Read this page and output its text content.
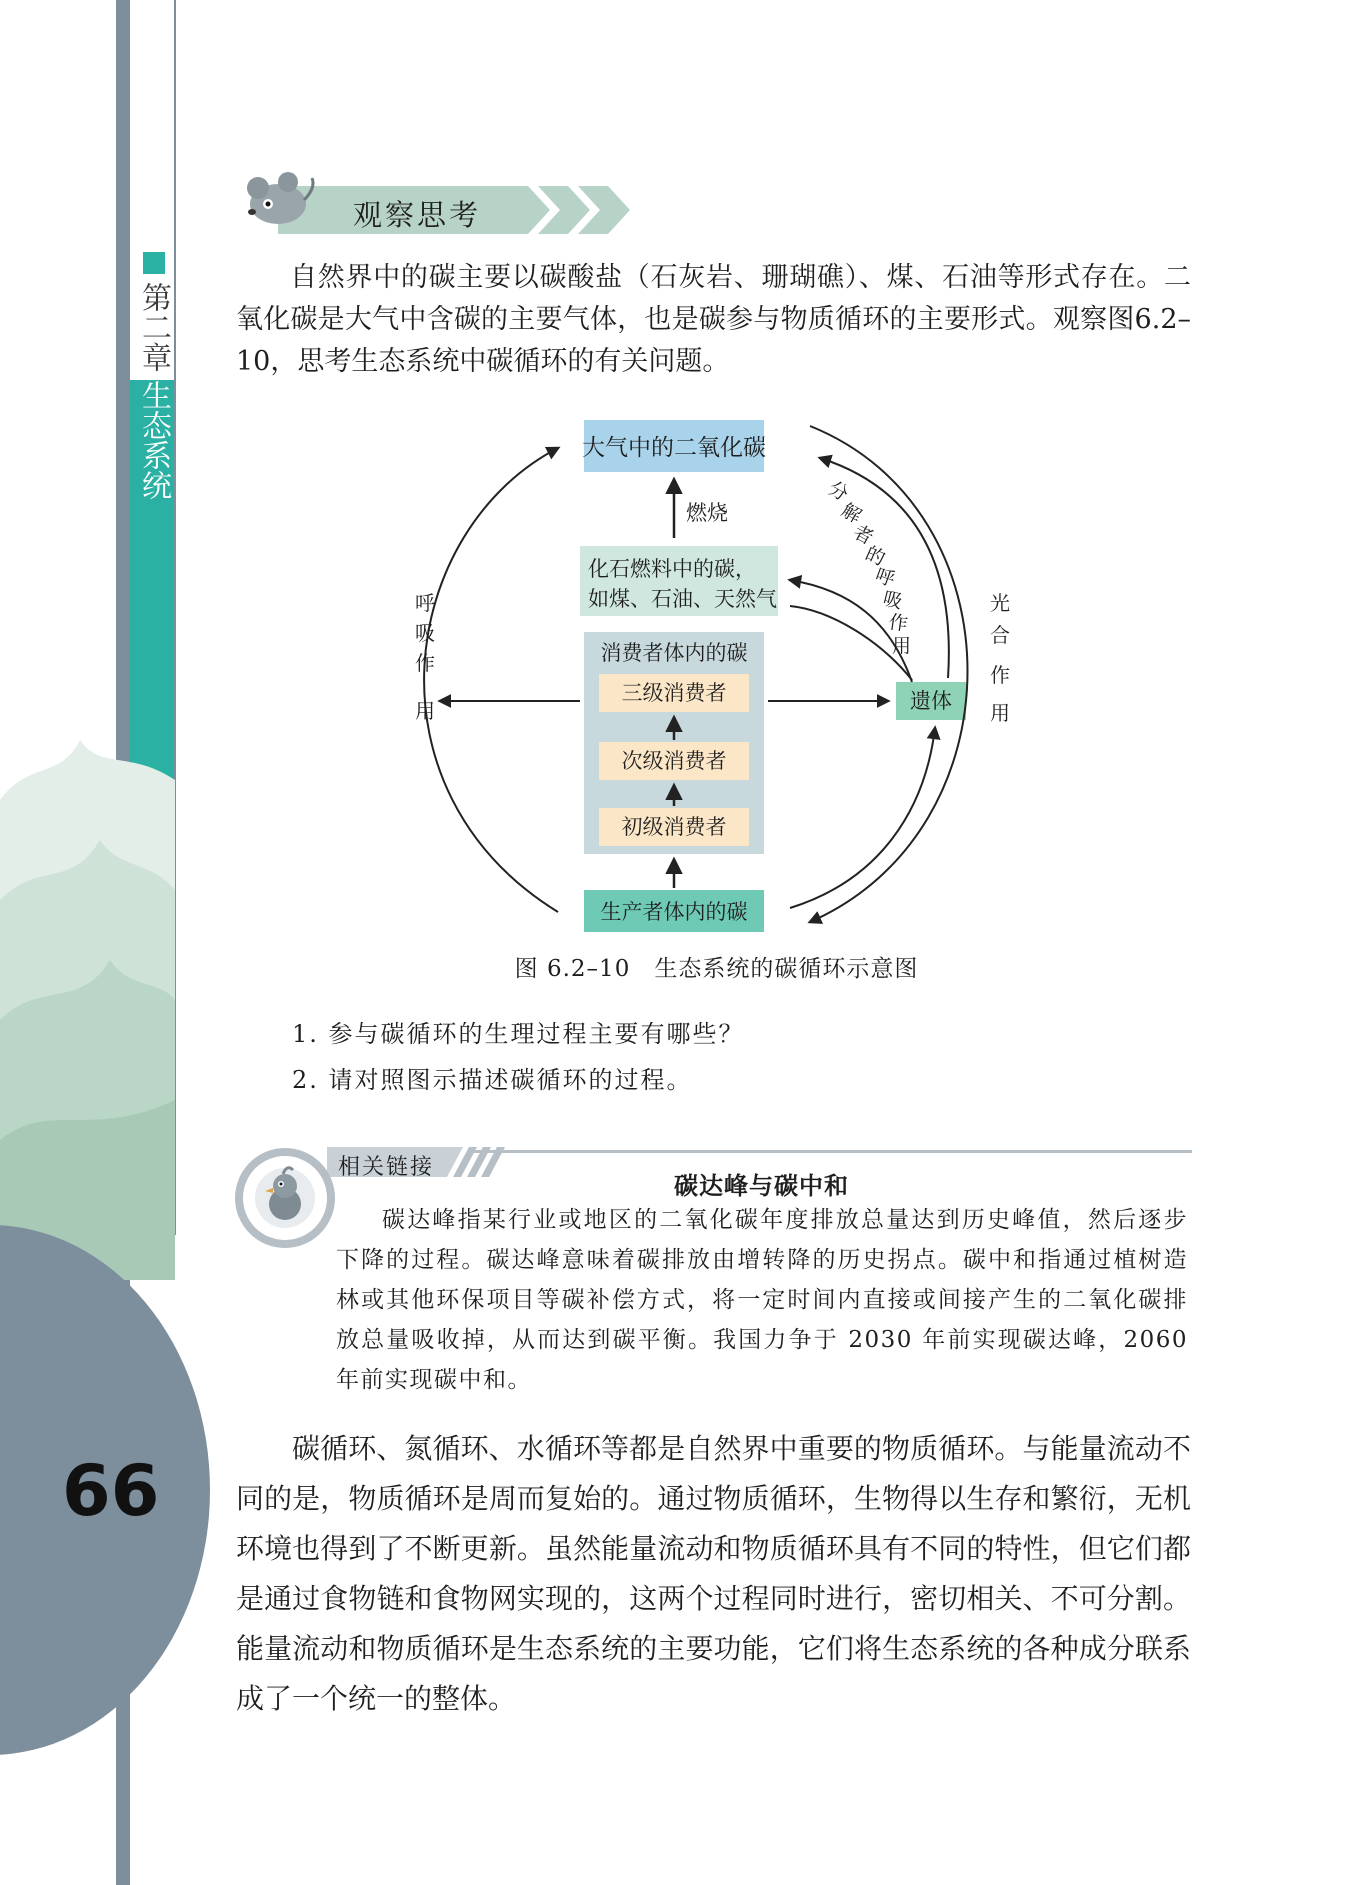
66
第二章
生态系统
观察思考

自然界中的碳主要以碳酸盐（石灰岩、珊瑚礁）、煤、石油等形式存在。二氧化碳是大气中含碳的主要气体，也是碳参与物质循环的主要形式。观察图6.2–10，思考生态系统中碳循环的有关问题。

大气中的二氧化碳
燃烧
化石燃料中的碳，
如煤、石油、天然气
消费者体内的碳
三级消费者
次级消费者
初级消费者
生产者体内的碳
遗体
呼
吸
作
用
光
合
作
用
分
解
者
的
呼
吸
作
用
图 6.2–10　生态系统的碳循环示意图
1. 参与碳循环的生理过程主要有哪些？
2. 请对照图示描述碳循环的过程。
相关链接
碳达峰与碳中和

碳达峰指某行业或地区的二氧化碳年度排放总量达到历史峰值，然后逐步下降的过程。碳达峰意味着碳排放由增转降的历史拐点。碳中和指通过植树造林或其他环保项目等碳补偿方式，将一定时间内直接或间接产生的二氧化碳排放总量吸收掉，从而达到碳平衡。我国力争于 2030 年前实现碳达峰，2060 年前实现碳中和。

碳循环、氮循环、水循环等都是自然界中重要的物质循环。与能量流动不同的是，物质循环是周而复始的。通过物质循环，生物得以生存和繁衍，无机环境也得到了不断更新。虽然能量流动和物质循环具有不同的特性，但它们都是通过食物链和食物网实现的，这两个过程同时进行，密切相关、不可分割。能量流动和物质循环是生态系统的主要功能，它们将生态系统的各种成分联系成了一个统一的整体。
